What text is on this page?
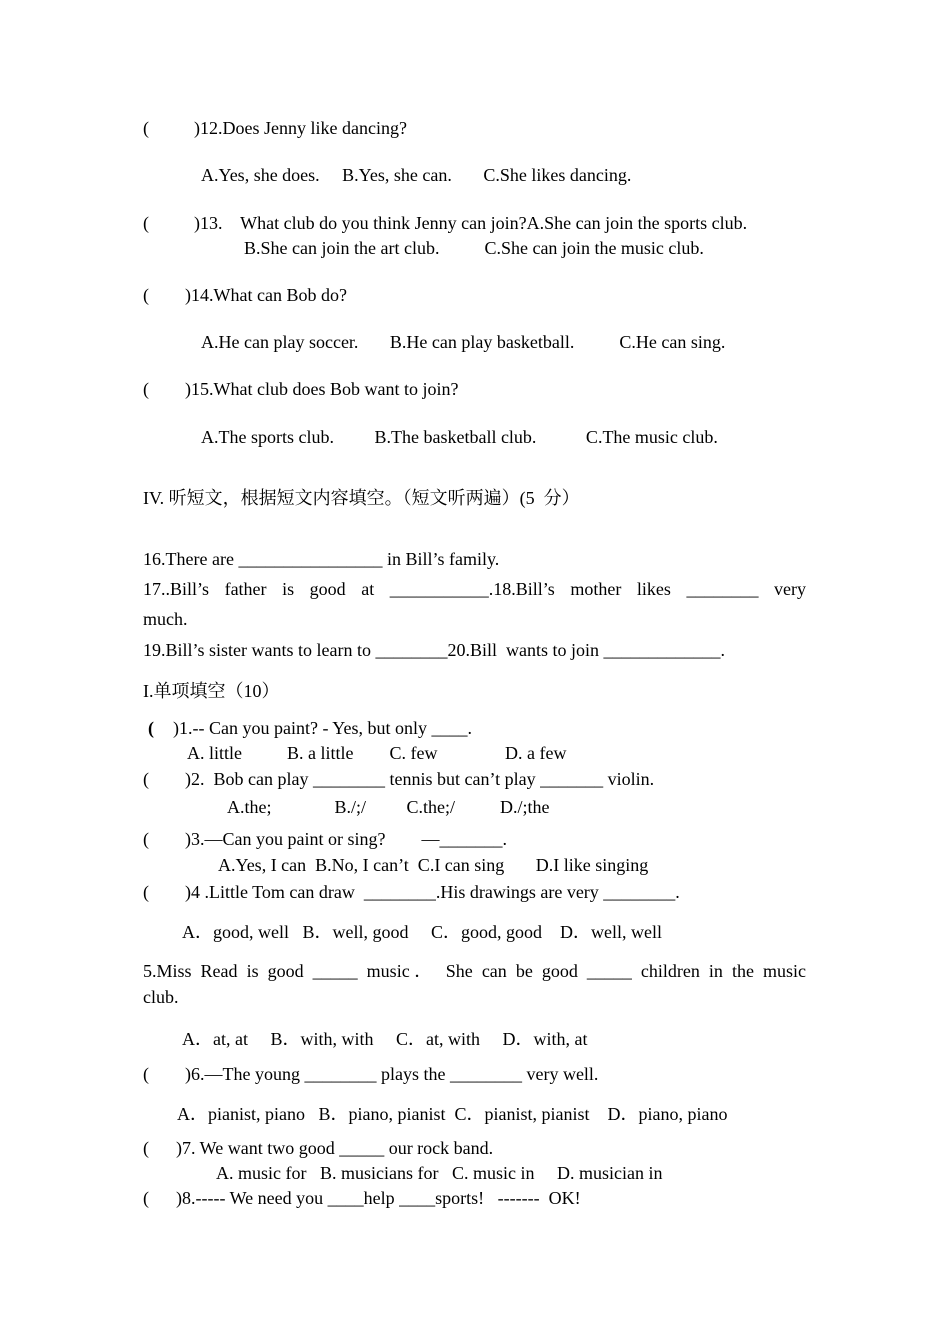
(          )12.Does Jenny like dancing?
A.Yes, she does.     B.Yes, she can.       C.She likes dancing.
(          )13.    What club do you think Jenny can join?A.She can join the sports club.
B.She can join the art club.          C.She can join the music club.
(        )14.What can Bob do?
A.He can play soccer.       B.He can play basketball.          C.He can sing.
(        )15.What club does Bob want to join?
A.The sports club.         B.The basketball club.           C.The music club.
IV. 听短文，根据短文内容填空。（短文听两遍）(5  分）
16.There are ________________ in Bill’s family.
17..Bill’s father is good at ___________.18.Bill’s mother likes ________ very
much.
19.Bill’s sister wants to learn to ________20.Bill  wants to join _____________.
I.单项填空（10）
( )1.-- Can you paint? - Yes, but only ____.
A. little          B. a little        C. few               D. a few
(        )2.  Bob can play ________ tennis but can’t play _______ violin.
A.the;              B./;/         C.the;/          D./;the
(        )3.—Can you paint or sing?        —_______.
A.Yes, I can  B.No, I can’t  C.I can sing       D.I like singing
(        )4 .Little Tom can draw  ________.His drawings are very ________.
A．good, well   B．well, good     C．good, good    D．well, well
5.Miss Read is good _____ music． She can be good _____ children in the music
club.
A．at, at     B．with, with     C．at, with     D．with, at
(        )6.—The young ________ plays the ________ very well.
A．pianist, piano   B．piano, pianist  C．pianist, pianist    D．piano, piano
(      )7. We want two good _____ our rock band.
A. music for   B. musicians for   C. music in     D. musician in
(      )8.----- We need you ____help ____sports!   -------  OK!
